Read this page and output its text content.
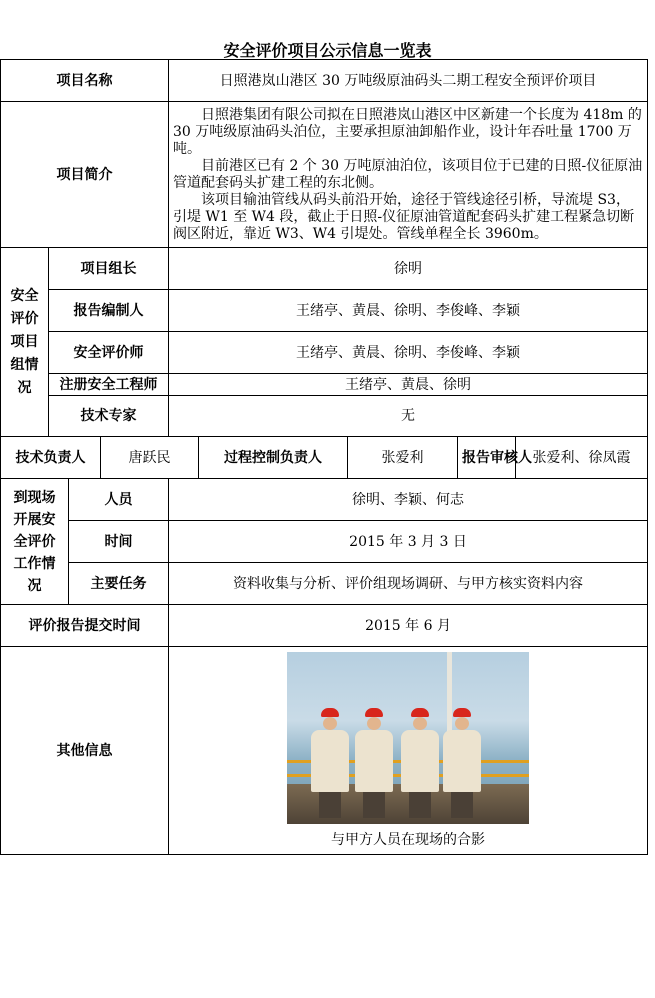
安全评价项目公示信息一览表
项目名称				日照港岚山港区 30 万吨级原油码头二期工程安全预评价项目				
项目简介				日照港集团有限公司拟在日照港岚山港区中区新建一个长度为 418m 的 30 万吨级原油码头泊位，主要承担原油卸船作业，设计年吞吐量 1700 万吨。

目前港区已有 2 个 30 万吨原油泊位，该项目位于已建的日照-仪征原油管道配套码头扩建工程的东北侧。

该项目输油管线从码头前沿开始，途径于管线途径引桥，导流堤 S3，引堤 W1 至 W4 段，截止于日照-仪征原油管道配套码头扩建工程紧急切断阀区附近，靠近 W3、W4 引堤处。管线单程全长 3960m。				

安全评价项目组情况	项目组长			徐明				
	报告编制人			王绪亭、黄晨、徐明、李俊峰、李颖				
	安全评价师			王绪亭、黄晨、徐明、李俊峰、李颖				
	注册安全工程师			王绪亭、黄晨、徐明				
	技术专家			无				
技术负责人			唐跃民		过程控制负责人	张爱利	报告审核人	张爱利、徐凤霞
到现场开展安全评价工作情况		人员		徐明、李颖、何志				
		时间		2015 年 3 月 3 日				
		主要任务		资料收集与分析、评价组现场调研、与甲方核实资料内容				
评价报告提交时间				2015 年 6 月				
其他信息				与甲方人员在现场的合影				
